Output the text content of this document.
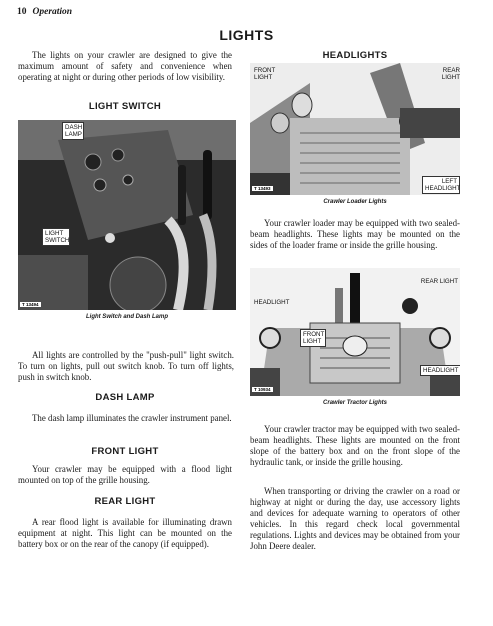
10 Operation
LIGHTS
The lights on your crawler are designed to give the maximum amount of safety and convenience when operating at night or during other periods of low visibility.
LIGHT SWITCH
DASH LAMP
LIGHT SWITCH
T 13494
Light Switch and Dash Lamp
All lights are controlled by the "push-pull" light switch. To turn on lights, pull out switch knob. To turn off lights, push in switch knob.
DASH LAMP
The dash lamp illuminates the crawler instrument panel.
FRONT LIGHT
Your crawler may be equipped with a flood light mounted on top of the grille housing.
REAR LIGHT
A rear flood light is available for illuminating drawn equipment at night. This light can be mounted on the battery box or on the rear of the canopy (if equipped).
HEADLIGHTS
FRONT LIGHT
REAR LIGHT
LEFT HEADLIGHT
T 13493
Crawler Loader Lights
Your crawler loader may be equipped with two sealed-beam headlights. These lights may be mounted on the sides of the loader frame or inside the grille housing.
REAR LIGHT
HEADLIGHT
FRONT LIGHT
HEADLIGHT
T 10934
Crawler Tractor Lights
Your crawler tractor may be equipped with two sealed-beam headlights. These lights are mounted on the front slope of the battery box and on the front slope of the hydraulic tank, or inside the grille housing.
When transporting or driving the crawler on a road or highway at night or during the day, use accessory lights and devices for adequate warning to operators of other vehicles. In this regard check local governmental regulations. Lights and devices may be obtained from your John Deere dealer.
